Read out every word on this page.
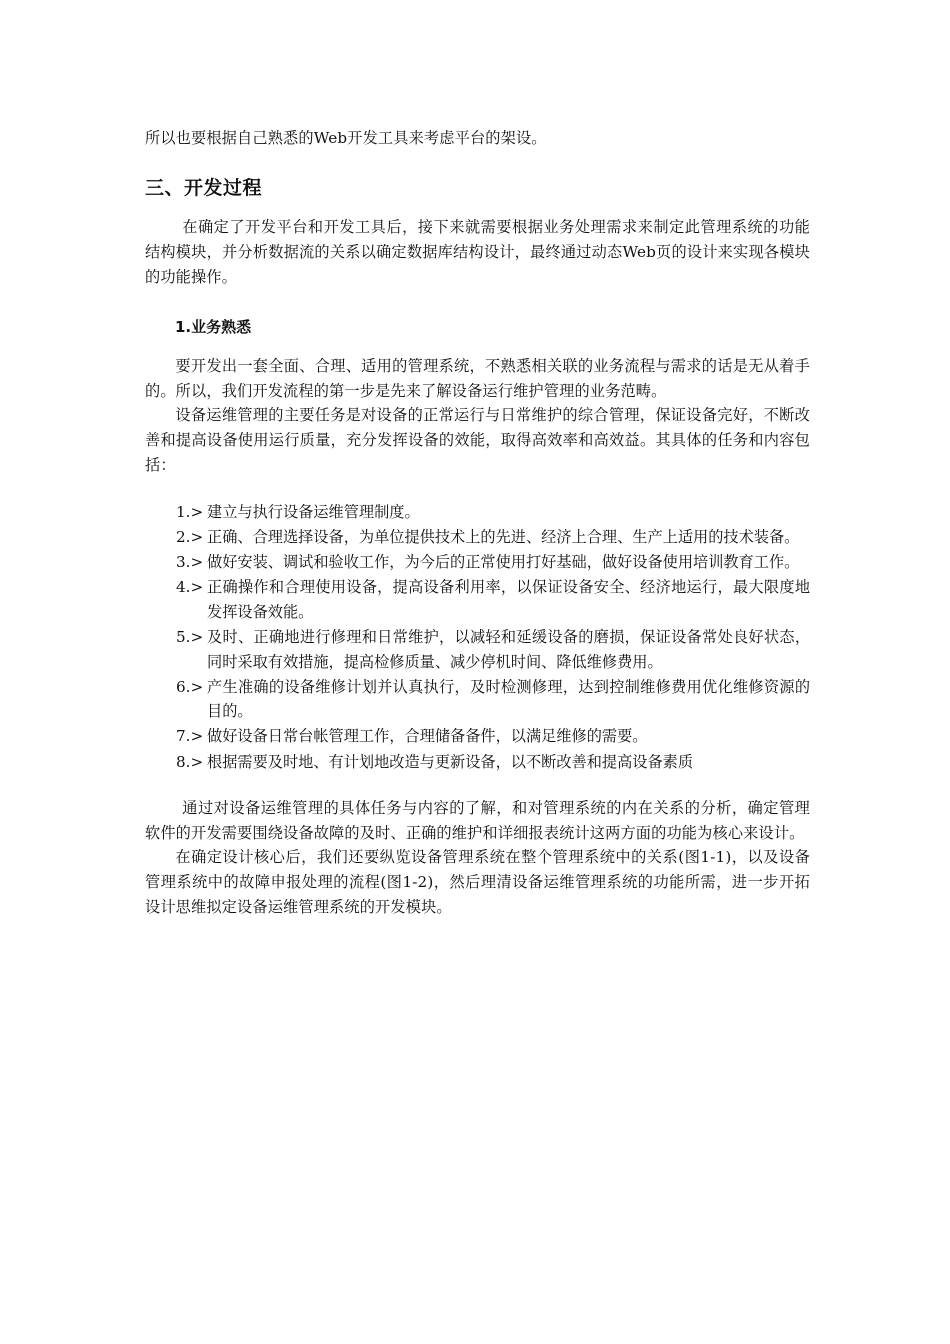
所以也要根据自己熟悉的Web开发工具来考虑平台的架设。

三、开发过程

在确定了开发平台和开发工具后，接下来就需要根据业务处理需求来制定此管理系统的功能结构模块，并分析数据流的关系以确定数据库结构设计，最终通过动态Web页的设计来实现各模块的功能操作。

1.业务熟悉

要开发出一套全面、合理、适用的管理系统，不熟悉相关联的业务流程与需求的话是无从着手的。所以，我们开发流程的第一步是先来了解设备运行维护管理的业务范畴。

设备运维管理的主要任务是对设备的正常运行与日常维护的综合管理，保证设备完好，不断改善和提高设备使用运行质量，充分发挥设备的效能，取得高效率和高效益。其具体的任务和内容包括：

1.> 建立与执行设备运维管理制度。
2.> 正确、合理选择设备，为单位提供技术上的先进、经济上合理、生产上适用的技术装备。
3.> 做好安装、调试和验收工作，为今后的正常使用打好基础，做好设备使用培训教育工作。
4.> 正确操作和合理使用设备，提高设备利用率，以保证设备安全、经济地运行，最大限度地发挥设备效能。
5.> 及时、正确地进行修理和日常维护，以减轻和延缓设备的磨损，保证设备常处良好状态，同时采取有效措施，提高检修质量、减少停机时间、降低维修费用。
6.> 产生准确的设备维修计划并认真执行，及时检测修理，达到控制维修费用优化维修资源的目的。
7.> 做好设备日常台帐管理工作，合理储备备件，以满足维修的需要。
8.> 根据需要及时地、有计划地改造与更新设备，以不断改善和提高设备素质

通过对设备运维管理的具体任务与内容的了解，和对管理系统的内在关系的分析，确定管理软件的开发需要围绕设备故障的及时、正确的维护和详细报表统计这两方面的功能为核心来设计。

在确定设计核心后，我们还要纵览设备管理系统在整个管理系统中的关系(图1-1)，以及设备管理系统中的故障申报处理的流程(图1-2)，然后理清设备运维管理系统的功能所需，进一步开拓设计思维拟定设备运维管理系统的开发模块。
